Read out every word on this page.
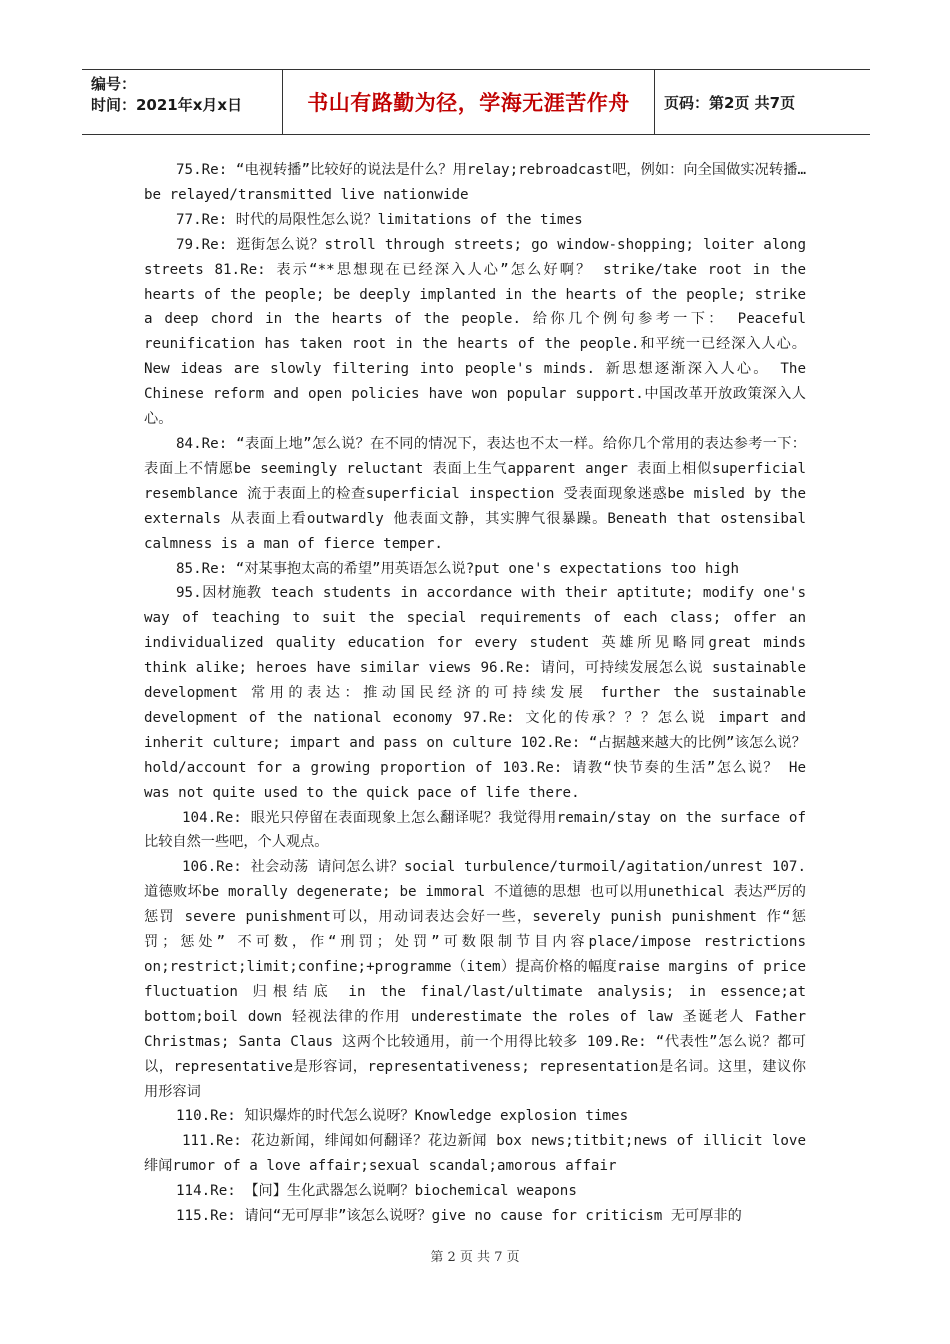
编号：
时间：2021年x月x日	书山有路勤为径，学海无涯苦作舟 页码：第2页 共7页

75.Re: “电视转播”比较好的说法是什么？用relay;rebroadcast吧，例如：向全国做实况转播…be relayed/transmitted live nationwide

77.Re: 时代的局限性怎么说？limitations of the times

79.Re: 逛街怎么说？stroll through streets; go window-shopping; loiter along streets 81.Re: 表示“**思想现在已经深入人心”怎么好啊？ strike/take root in the hearts of the people; be deeply implanted in the hearts of the people; strike a deep chord in the hearts of the people. 给你几个例句参考一下： Peaceful reunification has taken root in the hearts of the people.和平统一已经深入人心。 New ideas are slowly filtering into people's minds. 新思想逐渐深入人心。 The Chinese reform and open policies have won popular support.中国改革开放政策深入人心。

84.Re: “表面上地”怎么说？在不同的情况下，表达也不太一样。给你几个常用的表达参考一下：表面上不情愿be seemingly reluctant 表面上生气apparent anger 表面上相似superficial resemblance 流于表面上的检查superficial inspection 受表面现象迷惑be misled by the externals 从表面上看outwardly 他表面文静，其实脾气很暴躁。Beneath that ostensibal calmness is a man of fierce temper.

85.Re: “对某事抱太高的希望”用英语怎么说?put one's expectations too high

95.因材施教 teach students in accordance with their aptitute; modify one's way of teaching to suit the special requirements of each class; offer an individualized quality education for every student 英雄所见略同great minds think alike; heroes have similar views 96.Re: 请问，可持续发展怎么说 sustainable development 常用的表达：推动国民经济的可持续发展 further the sustainable development of the national economy 97.Re: 文化的传承？？？怎么说 impart and inherit culture; impart and pass on culture 102.Re: “占据越来越大的比例”该怎么说？hold/account for a growing proportion of 103.Re: 请教“快节奏的生活”怎么说？ He was not quite used to the quick pace of life there.

104.Re: 眼光只停留在表面现象上怎么翻译呢？我觉得用remain/stay on the surface of比较自然一些吧，个人观点。

106.Re: 社会动荡 请问怎么讲？social turbulence/turmoil/agitation/unrest 107. 道德败坏be morally degenerate; be immoral 不道德的思想 也可以用unethical 表达严厉的惩罚 severe punishment可以，用动词表达会好一些，severely punish punishment 作“惩罚；惩处” 不可数，作“刑罚；处罚”可数限制节目内容place/impose restrictions on;restrict;limit;confine;+programme（item）提高价格的幅度raise margins of price fluctuation 归根结底 in the final/last/ultimate analysis; in essence;at bottom;boil down 轻视法律的作用 underestimate the roles of law 圣诞老人 Father Christmas; Santa Claus 这两个比较通用，前一个用得比较多 109.Re: “代表性”怎么说？都可以，representative是形容词，representativeness; representation是名词。这里，建议你用形容词

110.Re: 知识爆炸的时代怎么说呀？Knowledge explosion times

111.Re: 花边新闻，绯闻如何翻译？花边新闻 box news;titbit;news of illicit love 绯闻rumor of a love affair;sexual scandal;amorous affair

114.Re: 【问】生化武器怎么说啊？biochemical weapons

115.Re: 请问“无可厚非”该怎么说呀？give no cause for criticism 无可厚非的

第 2 页 共 7 页
